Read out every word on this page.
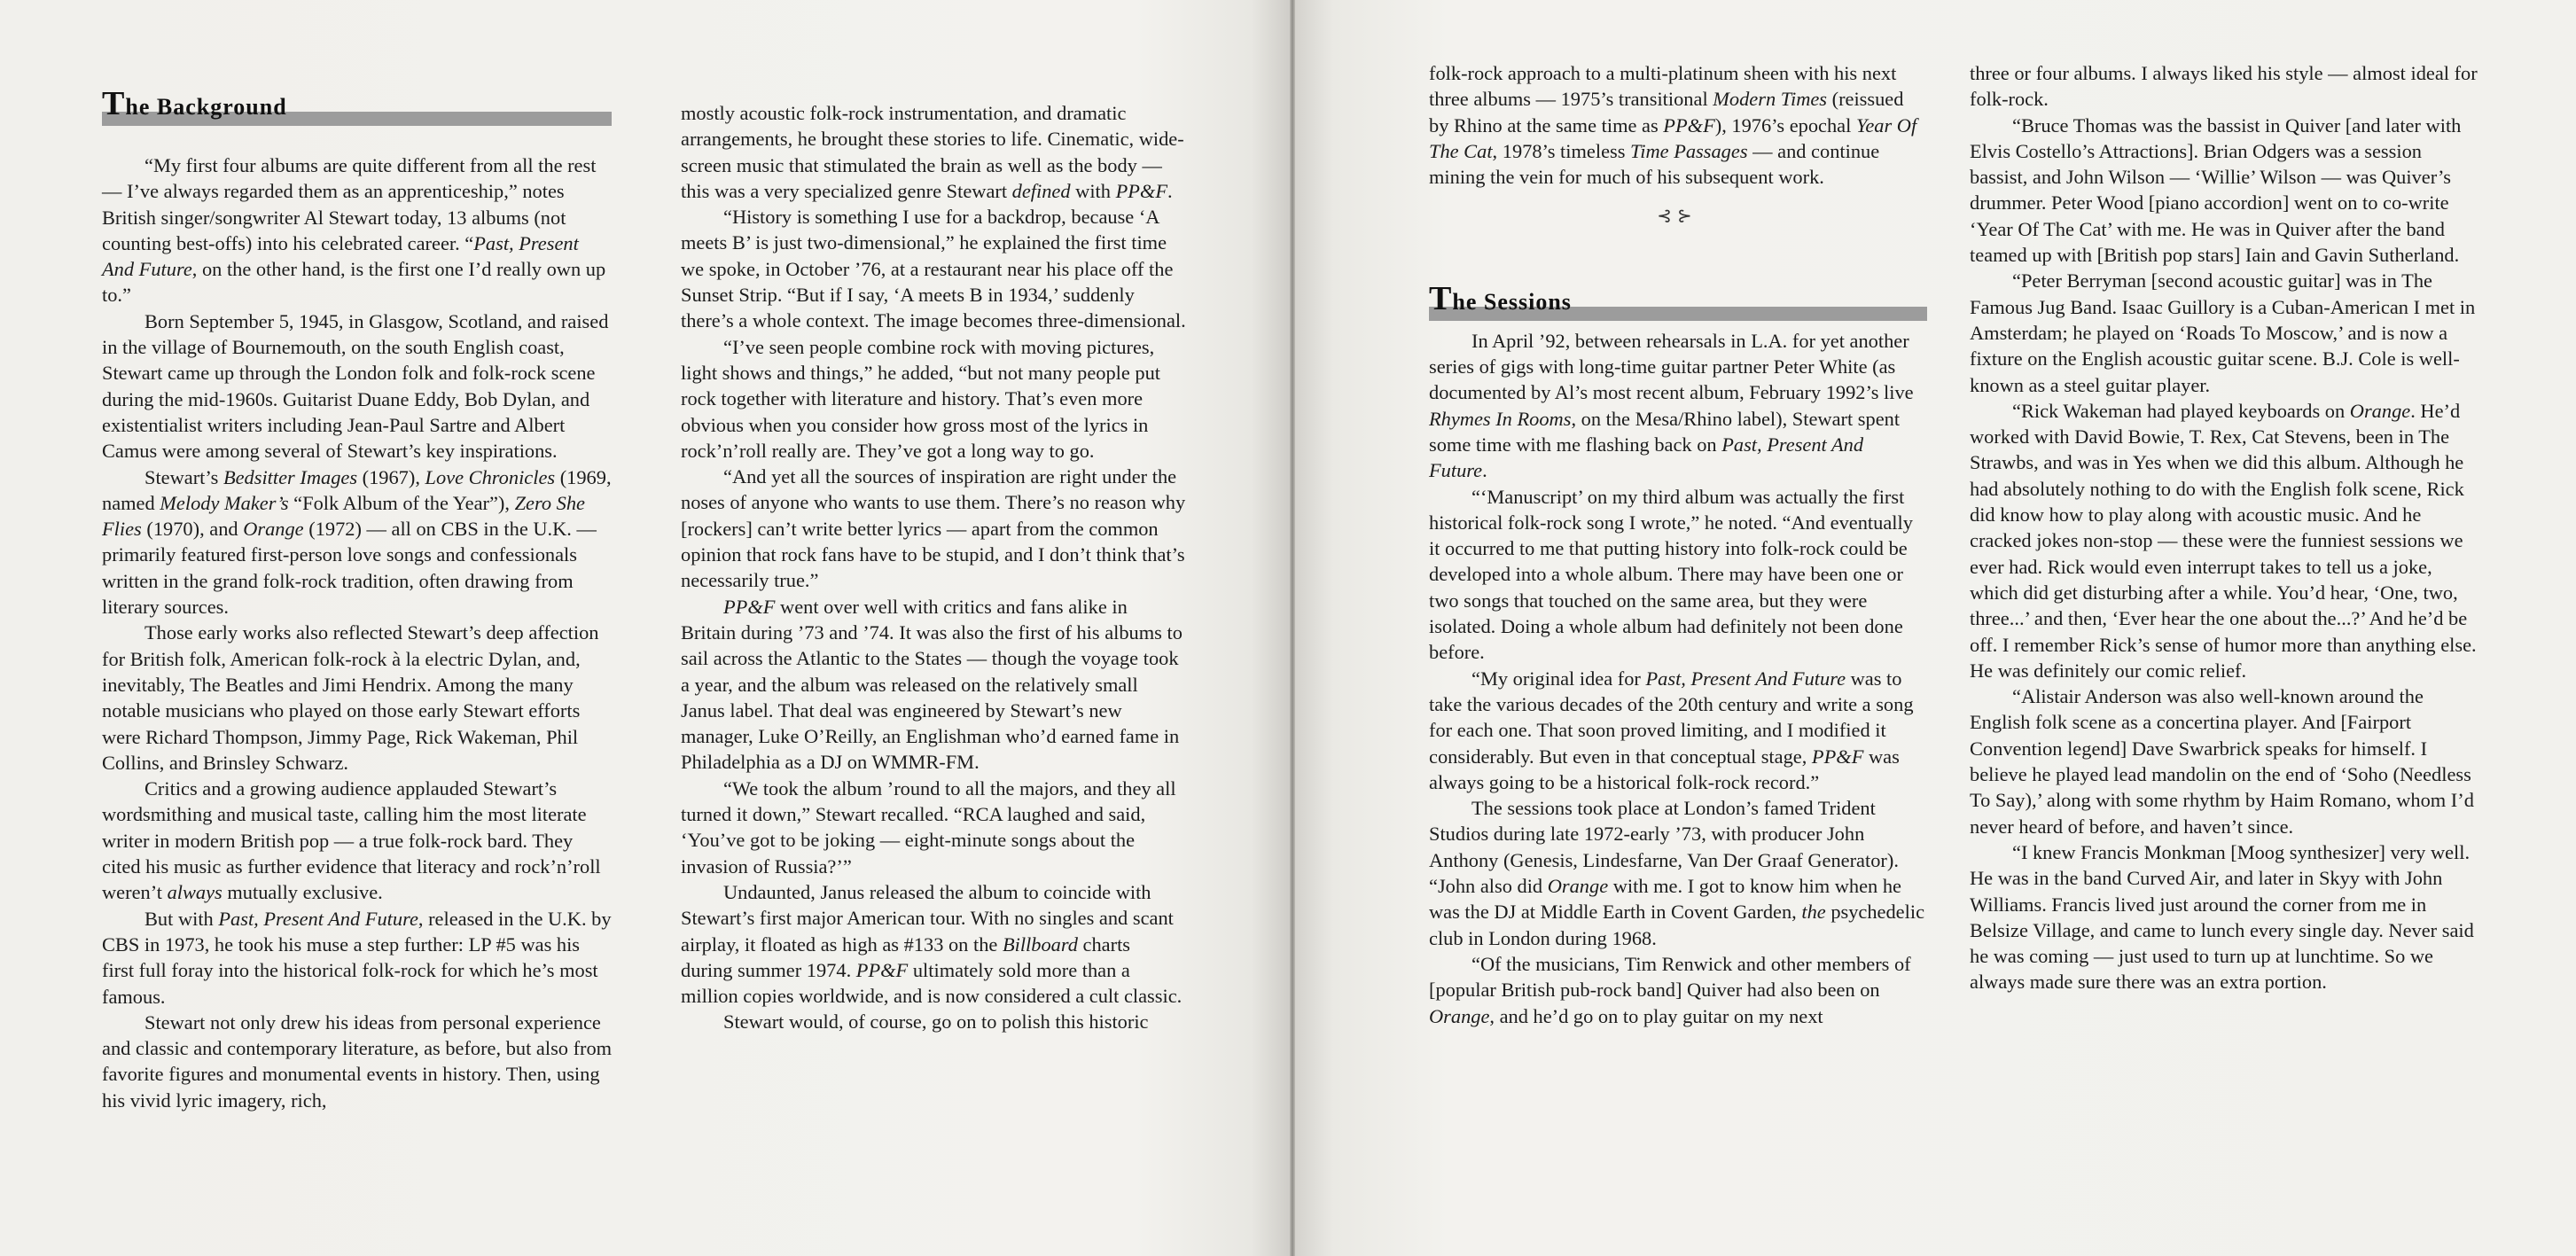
The Background

“My first four albums are quite different from all the rest — I’ve always regarded them as an apprenticeship,” notes British singer/songwriter Al Stewart today, 13 albums (not counting best-offs) into his celebrated career. “Past, Present And Future, on the other hand, is the first one I’d really own up to.”

Born September 5, 1945, in Glasgow, Scotland, and raised in the village of Bournemouth, on the south English coast, Stewart came up through the London folk and folk-rock scene during the mid-1960s. Guitarist Duane Eddy, Bob Dylan, and existentialist writers including Jean-Paul Sartre and Albert Camus were among several of Stewart’s key inspirations.

Stewart’s Bedsitter Images (1967), Love Chronicles (1969, named Melody Maker’s “Folk Album of the Year”), Zero She Flies (1970), and Orange (1972) — all on CBS in the U.K. — primarily featured first-person love songs and confessionals written in the grand folk-rock tradition, often drawing from literary sources.

Those early works also reflected Stewart’s deep affection for British folk, American folk-rock à la electric Dylan, and, inevitably, The Beatles and Jimi Hendrix. Among the many notable musicians who played on those early Stewart efforts were Richard Thompson, Jimmy Page, Rick Wakeman, Phil Collins, and Brinsley Schwarz.

Critics and a growing audience applauded Stewart’s wordsmithing and musical taste, calling him the most literate writer in modern British pop — a true folk-rock bard. They cited his music as further evidence that literacy and rock’n’roll weren’t always mutually exclusive.

But with Past, Present And Future, released in the U.K. by CBS in 1973, he took his muse a step further: LP #5 was his first full foray into the historical folk-rock for which he’s most famous.

Stewart not only drew his ideas from personal experience and classic and contemporary literature, as before, but also from favorite figures and monumental events in history. Then, using his vivid lyric imagery, rich,

mostly acoustic folk-rock instrumentation, and dramatic arrangements, he brought these stories to life. Cinematic, wide-screen music that stimulated the brain as well as the body — this was a very specialized genre Stewart defined with PP&F.

“History is something I use for a backdrop, because ‘A meets B’ is just two-dimensional,” he explained the first time we spoke, in October ’76, at a restaurant near his place off the Sunset Strip. “But if I say, ‘A meets B in 1934,’ suddenly there’s a whole context. The image becomes three-dimensional.

“I’ve seen people combine rock with moving pictures, light shows and things,” he added, “but not many people put rock together with literature and history. That’s even more obvious when you consider how gross most of the lyrics in rock’n’roll really are. They’ve got a long way to go.

“And yet all the sources of inspiration are right under the noses of anyone who wants to use them. There’s no reason why [rockers] can’t write better lyrics — apart from the common opinion that rock fans have to be stupid, and I don’t think that’s necessarily true.”

PP&F went over well with critics and fans alike in Britain during ’73 and ’74. It was also the first of his albums to sail across the Atlantic to the States — though the voyage took a year, and the album was released on the relatively small Janus label. That deal was engineered by Stewart’s new manager, Luke O’Reilly, an Englishman who’d earned fame in Philadelphia as a DJ on WMMR-FM.

“We took the album ’round to all the majors, and they all turned it down,” Stewart recalled. “RCA laughed and said, ‘You’ve got to be joking — eight-minute songs about the invasion of Russia?’”

Undaunted, Janus released the album to coincide with Stewart’s first major American tour. With no singles and scant airplay, it floated as high as #133 on the Billboard charts during summer 1974. PP&F ultimately sold more than a million copies worldwide, and is now considered a cult classic.

Stewart would, of course, go on to polish this historic

folk-rock approach to a multi-platinum sheen with his next three albums — 1975’s transitional Modern Times (reissued by Rhino at the same time as PP&F), 1976’s epochal Year Of The Cat, 1978’s timeless Time Passages — and continue mining the vein for much of his subsequent work.

⊰⊱

In April ’92, between rehearsals in L.A. for yet another series of gigs with long-time guitar partner Peter White (as documented by Al’s most recent album, February 1992’s live Rhymes In Rooms, on the Mesa/Rhino label), Stewart spent some time with me flashing back on Past, Present And Future.

“‘Manuscript’ on my third album was actually the first historical folk-rock song I wrote,” he noted. “And eventually it occurred to me that putting history into folk-rock could be developed into a whole album. There may have been one or two songs that touched on the same area, but they were isolated. Doing a whole album had definitely not been done before.

“My original idea for Past, Present And Future was to take the various decades of the 20th century and write a song for each one. That soon proved limiting, and I modified it considerably. But even in that conceptual stage, PP&F was always going to be a historical folk-rock record.”

The sessions took place at London’s famed Trident Studios during late 1972-early ’73, with producer John Anthony (Genesis, Lindesfarne, Van Der Graaf Generator). “John also did Orange with me. I got to know him when he was the DJ at Middle Earth in Covent Garden, the psychedelic club in London during 1968.

“Of the musicians, Tim Renwick and other members of [popular British pub-rock band] Quiver had also been on Orange, and he’d go on to play guitar on my next

The Sessions

three or four albums. I always liked his style — almost ideal for folk-rock.

“Bruce Thomas was the bassist in Quiver [and later with Elvis Costello’s Attractions]. Brian Odgers was a session bassist, and John Wilson — ‘Willie’ Wilson — was Quiver’s drummer. Peter Wood [piano accordion] went on to co-write ‘Year Of The Cat’ with me. He was in Quiver after the band teamed up with [British pop stars] Iain and Gavin Sutherland.

“Peter Berryman [second acoustic guitar] was in The Famous Jug Band. Isaac Guillory is a Cuban-American I met in Amsterdam; he played on ‘Roads To Moscow,’ and is now a fixture on the English acoustic guitar scene. B.J. Cole is well-known as a steel guitar player.

“Rick Wakeman had played keyboards on Orange. He’d worked with David Bowie, T. Rex, Cat Stevens, been in The Strawbs, and was in Yes when we did this album. Although he had absolutely nothing to do with the English folk scene, Rick did know how to play along with acoustic music. And he cracked jokes non-stop — these were the funniest sessions we ever had. Rick would even interrupt takes to tell us a joke, which did get disturbing after a while. You’d hear, ‘One, two, three...’ and then, ‘Ever hear the one about the...?’ And he’d be off. I remember Rick’s sense of humor more than anything else. He was definitely our comic relief.

“Alistair Anderson was also well-known around the English folk scene as a concertina player. And [Fairport Convention legend] Dave Swarbrick speaks for himself. I believe he played lead mandolin on the end of ‘Soho (Needless To Say),’ along with some rhythm by Haim Romano, whom I’d never heard of before, and haven’t since.

“I knew Francis Monkman [Moog synthesizer] very well. He was in the band Curved Air, and later in Skyy with John Williams. Francis lived just around the corner from me in Belsize Village, and came to lunch every single day. Never said he was coming — just used to turn up at lunchtime. So we always made sure there was an extra portion.
